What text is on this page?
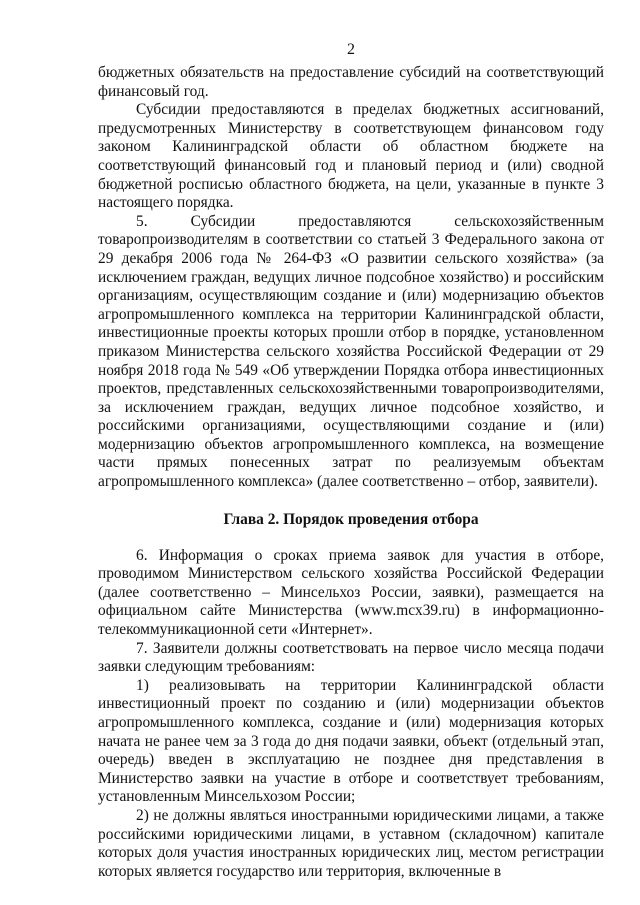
2

бюджетных обязательств на предоставление субсидий на соответствующий финансовый год.

Субсидии предоставляются в пределах бюджетных ассигнований, предусмотренных Министерству в соответствующем финансовом году законом Калининградской области об областном бюджете на соответствующий финансовый год и плановый период и (или) сводной бюджетной росписью областного бюджета, на цели, указанные в пункте 3 настоящего порядка.

5. Субсидии предоставляются сельскохозяйственным товаропроизводителям в соответствии со статьей 3 Федерального закона от 29 декабря 2006 года № 264-ФЗ «О развитии сельского хозяйства» (за исключением граждан, ведущих личное подсобное хозяйство) и российским организациям, осуществляющим создание и (или) модернизацию объектов агропромышленного комплекса на территории Калининградской области, инвестиционные проекты которых прошли отбор в порядке, установленном приказом Министерства сельского хозяйства Российской Федерации от 29 ноября 2018 года № 549 «Об утверждении Порядка отбора инвестиционных проектов, представленных сельскохозяйственными товаропроизводителями, за исключением граждан, ведущих личное подсобное хозяйство, и российскими организациями, осуществляющими создание и (или) модернизацию объектов агропромышленного комплекса, на возмещение части прямых понесенных затрат по реализуемым объектам агропромышленного комплекса» (далее соответственно – отбор, заявители).

Глава 2. Порядок проведения отбора

6. Информация о сроках приема заявок для участия в отборе, проводимом Министерством сельского хозяйства Российской Федерации (далее соответственно – Минсельхоз России, заявки), размещается на официальном сайте Министерства (www.mcx39.ru) в информационно-телекоммуникационной сети «Интернет».

7. Заявители должны соответствовать на первое число месяца подачи заявки следующим требованиям:

1) реализовывать на территории Калининградской области инвестиционный проект по созданию и (или) модернизации объектов агропромышленного комплекса, создание и (или) модернизация которых начата не ранее чем за 3 года до дня подачи заявки, объект (отдельный этап, очередь) введен в эксплуатацию не позднее дня представления в Министерство заявки на участие в отборе и соответствует требованиям, установленным Минсельхозом России;

2) не должны являться иностранными юридическими лицами, а также российскими юридическими лицами, в уставном (складочном) капитале которых доля участия иностранных юридических лиц, местом регистрации которых является государство или территория, включенные в
